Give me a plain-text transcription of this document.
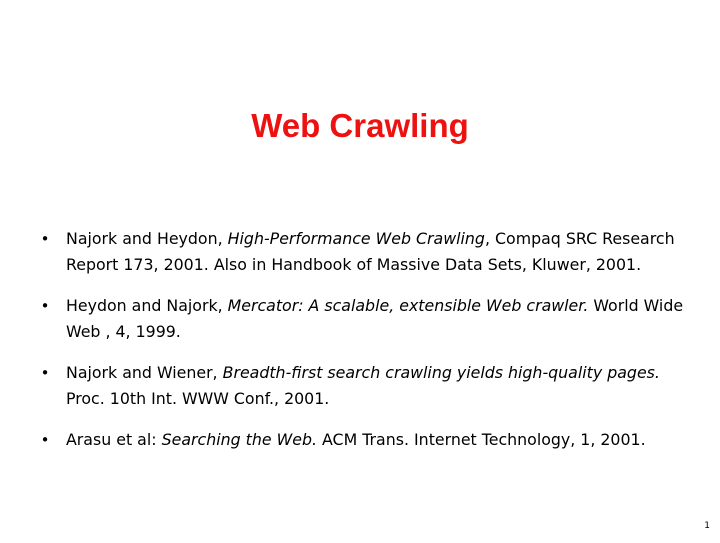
Web Crawling
• Najork and Heydon, High-Performance Web Crawling, Compaq SRC Research Report 173, 2001. Also in Handbook of Massive Data Sets, Kluwer, 2001.
• Heydon and Najork, Mercator: A scalable, extensible Web crawler. World Wide Web , 4, 1999.
• Najork and Wiener, Breadth-first search crawling yields high-quality pages. Proc. 10th Int. WWW Conf., 2001.
• Arasu et al: Searching the Web. ACM Trans. Internet Technology, 1, 2001.
1
